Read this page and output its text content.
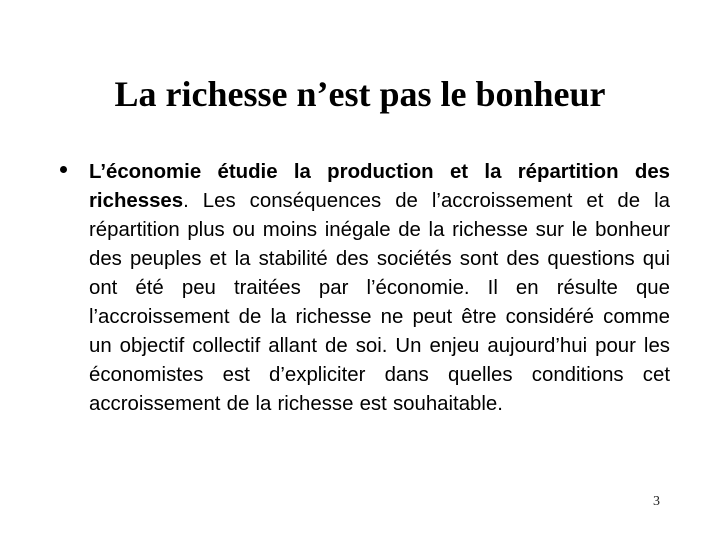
La richesse n’est pas le bonheur
L’économie étudie la production et la répartition des richesses. Les conséquences de l’accroissement et de la répartition plus ou moins inégale de la richesse sur le bonheur des peuples et la stabilité des sociétés sont des questions qui ont été peu traitées par l’économie. Il en résulte que l’accroissement de la richesse ne peut être considéré comme un objectif collectif allant de soi. Un enjeu aujourd’hui pour les économistes est d’expliciter dans quelles conditions cet accroissement de la richesse est souhaitable.
3
